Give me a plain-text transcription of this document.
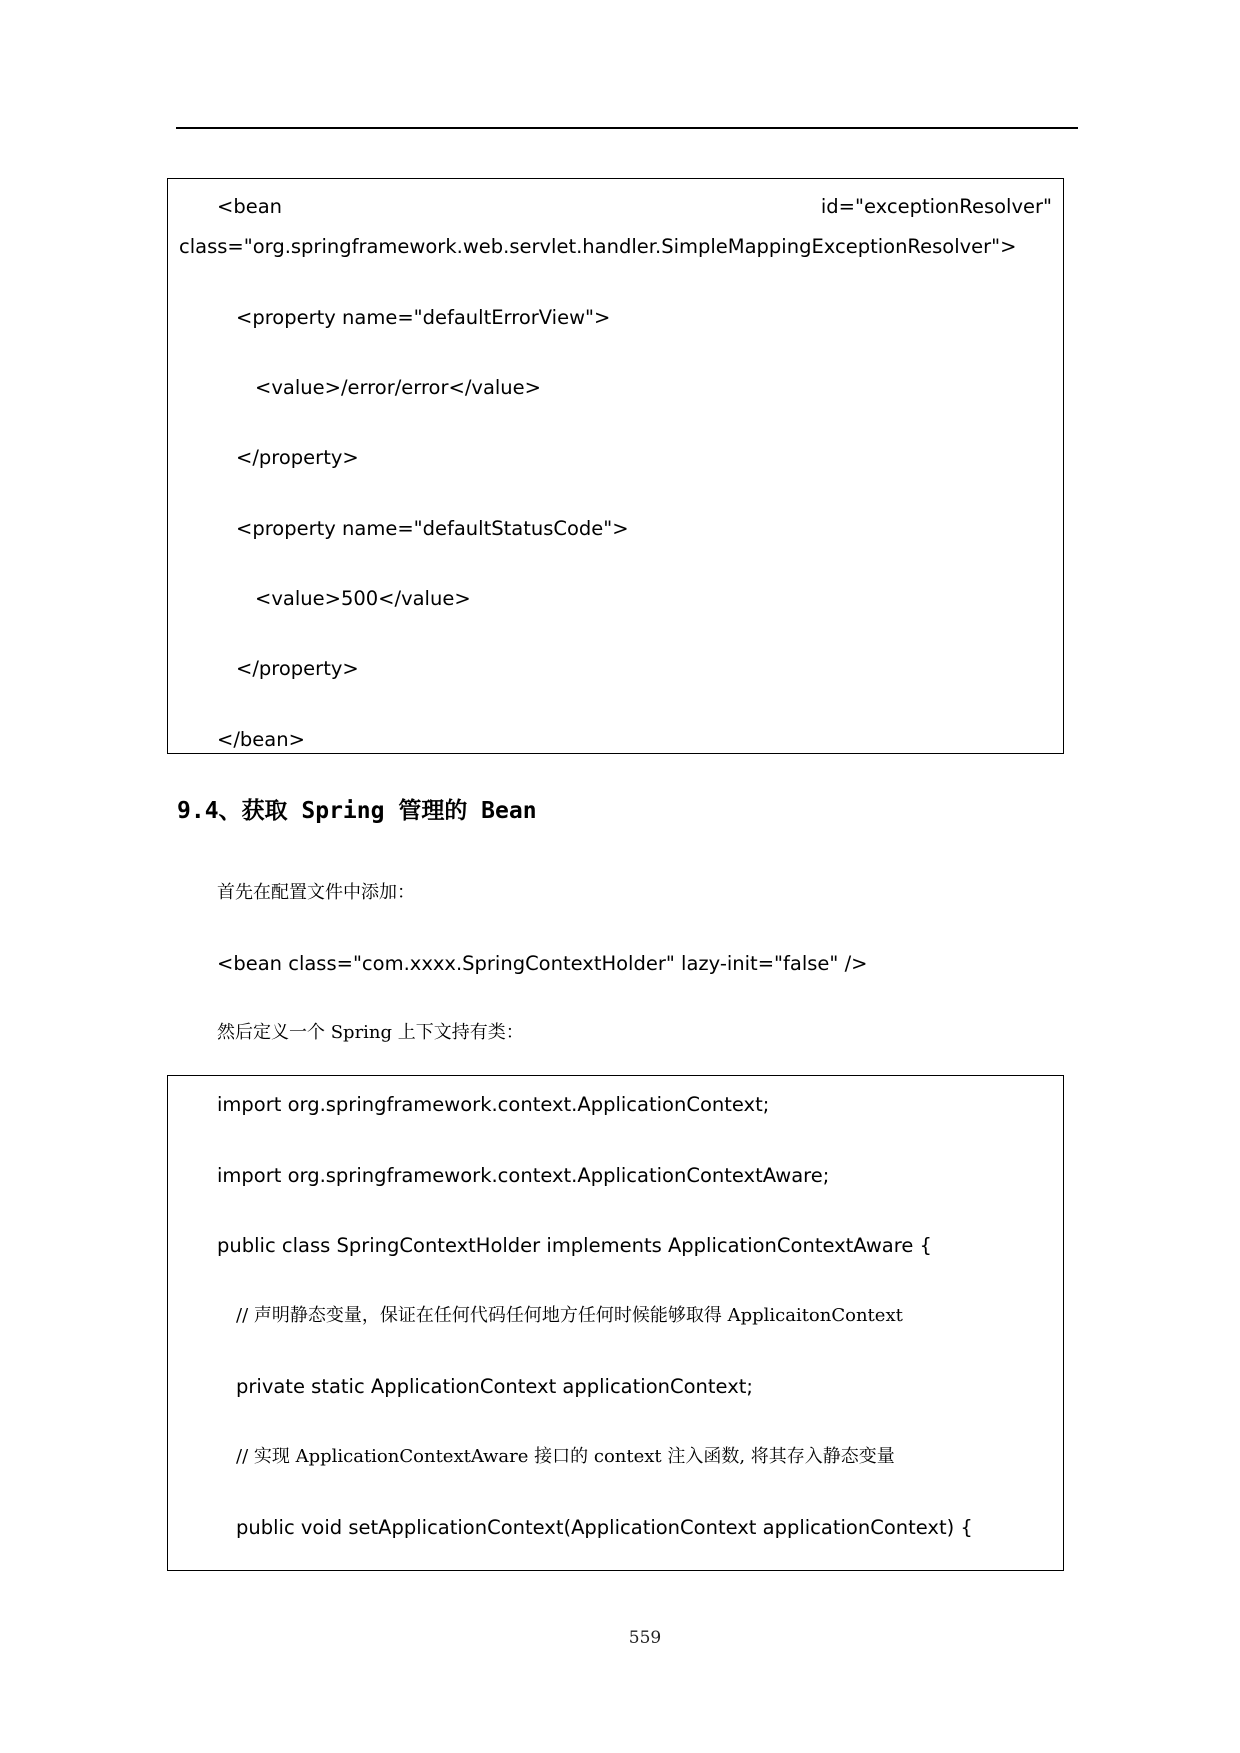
<bean	id="exceptionResolver"
class="org.springframework.web.servlet.handler.SimpleMappingExceptionResolver">
<property name="defaultErrorView">
<value>/error/error</value>
</property>
<property name="defaultStatusCode">
<value>500</value>
</property>
</bean>
9.4、获取 Spring 管理的 Bean
首先在配置文件中添加：
<bean class="com.xxxx.SpringContextHolder" lazy-init="false" />
然后定义一个 Spring 上下文持有类：
import org.springframework.context.ApplicationContext;
import org.springframework.context.ApplicationContextAware;
public class SpringContextHolder implements ApplicationContextAware {
// 声明静态变量，保证在任何代码任何地方任何时候能够取得 ApplicaitonContext
private static ApplicationContext applicationContext;
// 实现 ApplicationContextAware 接口的 context 注入函数, 将其存入静态变量
public void setApplicationContext(ApplicationContext applicationContext) {
559
